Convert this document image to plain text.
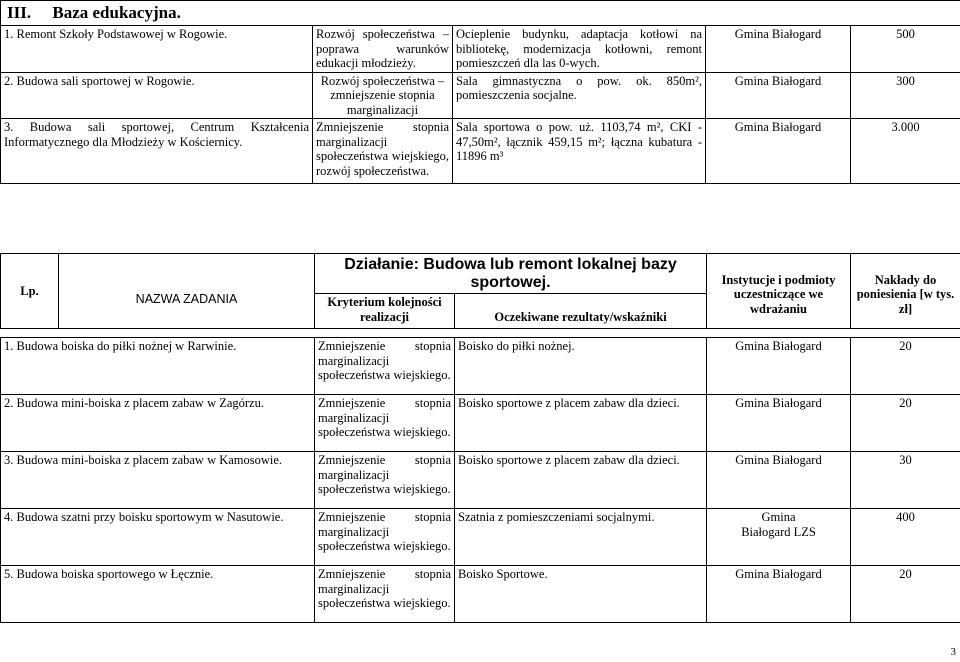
III. Baza edukacyjna.				
1. Remont Szkoły Podstawowej w Rogowie.	Rozwój społeczeństwa – poprawa warunków edukacji młodzieży.	Ocieplenie budynku, adaptacja kotłowi na bibliotekę, modernizacja kotłowni, remont pomieszczeń dla las 0-wych.	Gmina Białogard	500
2. Budowa sali sportowej w Rogowie.	Rozwój społeczeństwa – zmniejszenie stopnia marginalizacji	Sala gimnastyczna o pow. ok. 850m², pomieszczenia socjalne.	Gmina Białogard	300
3. Budowa sali sportowej, Centrum Kształcenia Informatycznego dla Młodzieży w Kościernicy.	Zmniejszenie stopnia marginalizacji społeczeństwa wiejskiego, rozwój społeczeństwa.	Sala sportowa o pow. uż. 1103,74 m², CKI - 47,50m², łącznik 459,15 m²; łączna kubatura - 11896 m³	Gmina Białogard	3.000
Lp.	NAZWA ZADANIA	Działanie: Budowa lub remont lokalnej bazy sportowej.		Instytucje i podmioty uczestniczące we wdrażaniu	Nakłady do poniesienia [w tys. zł]
		Kryterium kolejności realizacji	Oczekiwane rezultaty/wskaźniki		

1. Budowa boiska do piłki nożnej w Rarwinie.		Zmniejszenie stopnia marginalizacji społeczeństwa wiejskiego.	Boisko do piłki nożnej.	Gmina Białogard	20
2. Budowa mini-boiska z placem zabaw w Zagórzu.		Zmniejszenie stopnia marginalizacji społeczeństwa wiejskiego.	Boisko sportowe z placem zabaw dla dzieci.	Gmina Białogard	20
3. Budowa mini-boiska z placem zabaw w Kamosowie.		Zmniejszenie stopnia marginalizacji społeczeństwa wiejskiego.	Boisko sportowe z placem zabaw dla dzieci.	Gmina Białogard	30
4. Budowa szatni przy boisku sportowym w Nasutowie.		Zmniejszenie stopnia marginalizacji społeczeństwa wiejskiego.	Szatnia z pomieszczeniami socjalnymi.	Gmina Białogard LZS	400
5. Budowa boiska sportowego w Łęcznie.		Zmniejszenie stopnia marginalizacji społeczeństwa wiejskiego.	Boisko Sportowe.	Gmina Białogard	20
3
